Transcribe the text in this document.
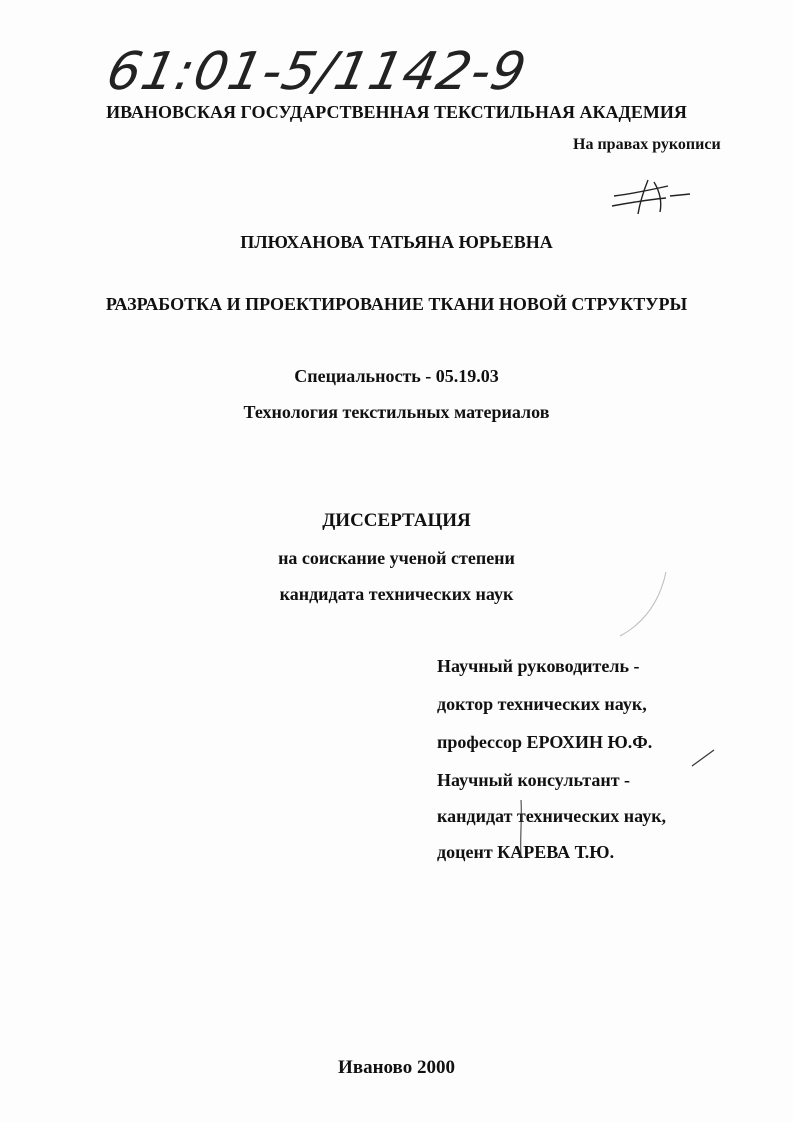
61:01-5/1142-9
ИВАНОВСКАЯ ГОСУДАРСТВЕННАЯ ТЕКСТИЛЬНАЯ АКАДЕМИЯ
На правах рукописи
ПЛЮХАНОВА ТАТЬЯНА ЮРЬЕВНА
РАЗРАБОТКА И ПРОЕКТИРОВАНИЕ ТКАНИ НОВОЙ СТРУКТУРЫ
Специальность - 05.19.03
Технология текстильных материалов
ДИССЕРТАЦИЯ
на соискание ученой степени
кандидата технических наук
Научный руководитель -
доктор технических наук,
профессор ЕРОХИН Ю.Ф.
Научный консультант -
кандидат технических наук,
доцент КАРЕВА Т.Ю.
Иваново 2000
